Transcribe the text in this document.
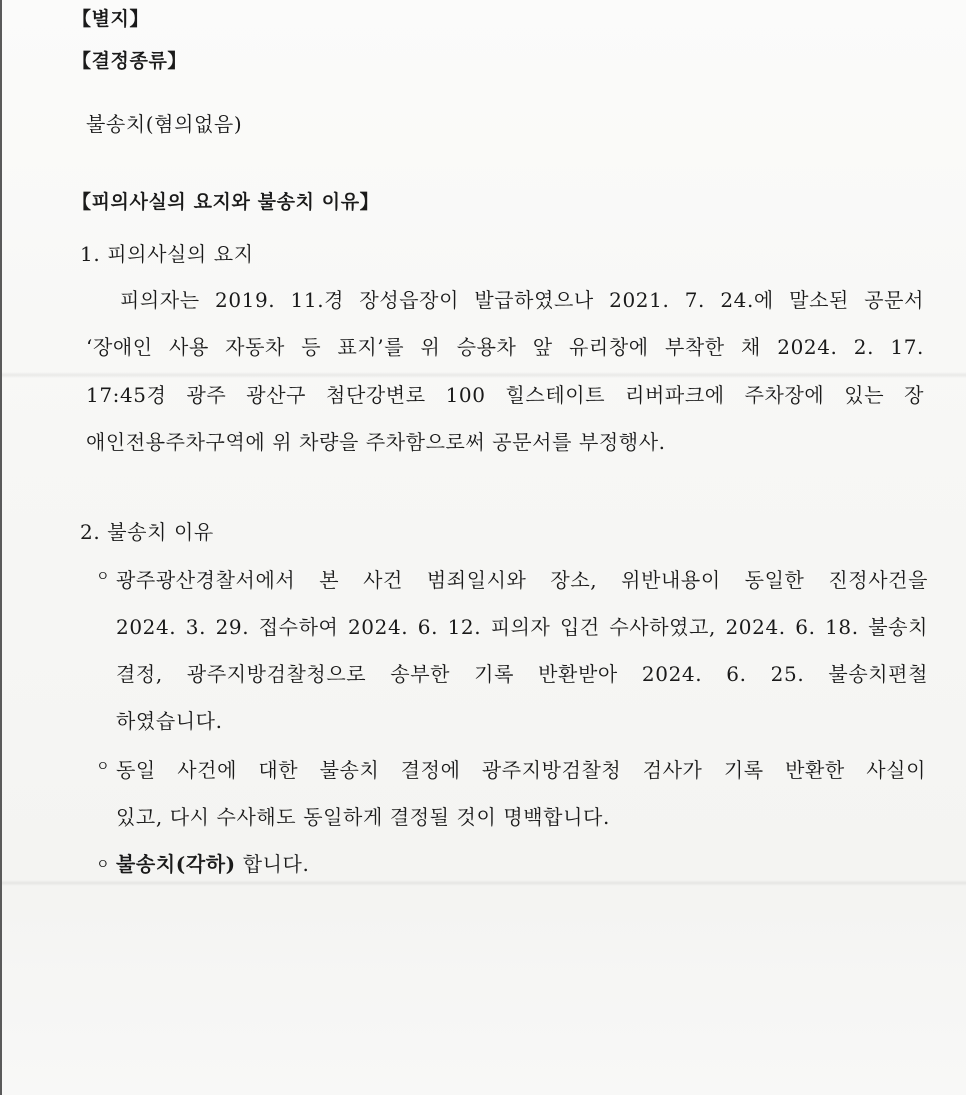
【별지】
【결정종류】
불송치(혐의없음)
【피의사실의 요지와 불송치 이유】
1. 피의사실의 요지
피의자는 2019. 11.경 장성읍장이 발급하였으나 2021. 7. 24.에 말소된 공문서
‘장애인 사용 자동차 등 표지’를 위 승용차 앞 유리창에 부착한 채 2024. 2. 17.
17:45경 광주 광산구 첨단강변로 100 힐스테이트 리버파크에 주차장에 있는 장
애인전용주차구역에 위 차량을 주차함으로써 공문서를 부정행사.
2. 불송치 이유
ㅇ 광주광산경찰서에서 본 사건 범죄일시와 장소, 위반내용이 동일한 진정사건을
2024. 3. 29. 접수하여 2024. 6. 12. 피의자 입건 수사하였고, 2024. 6. 18. 불송치
결정, 광주지방검찰청으로 송부한 기록 반환받아 2024. 6. 25. 불송치편철
하였습니다.
ㅇ 동일 사건에 대한 불송치 결정에 광주지방검찰청 검사가 기록 반환한 사실이
있고, 다시 수사해도 동일하게 결정될 것이 명백합니다.
ㅇ 불송치(각하) 합니다.
